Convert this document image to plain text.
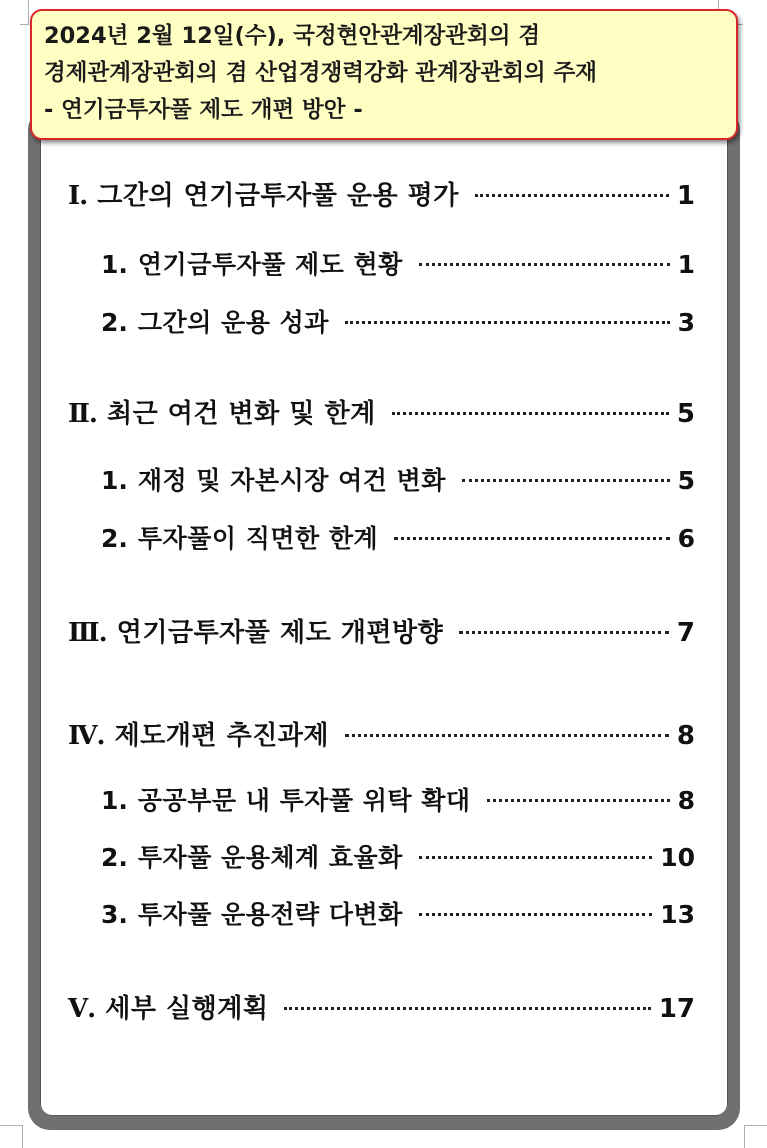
2024년 2월 12일(수), 국정현안관계장관회의 겸
경제관계장관회의 겸 산업경쟁력강화 관계장관회의 주재
- 연기금투자풀 제도 개편 방안 -
Ⅰ. 그간의 연기금투자풀 운용 평가	1
1. 연기금투자풀 제도 현황	1
2. 그간의 운용 성과	3
Ⅱ. 최근 여건 변화 및 한계	5
1. 재정 및 자본시장 여건 변화	5
2. 투자풀이 직면한 한계	6
Ⅲ. 연기금투자풀 제도 개편방향	7
Ⅳ. 제도개편 추진과제	8
1. 공공부문 내 투자풀 위탁 확대	8
2. 투자풀 운용체계 효율화	10
3. 투자풀 운용전략 다변화	13
Ⅴ. 세부 실행계획	17
